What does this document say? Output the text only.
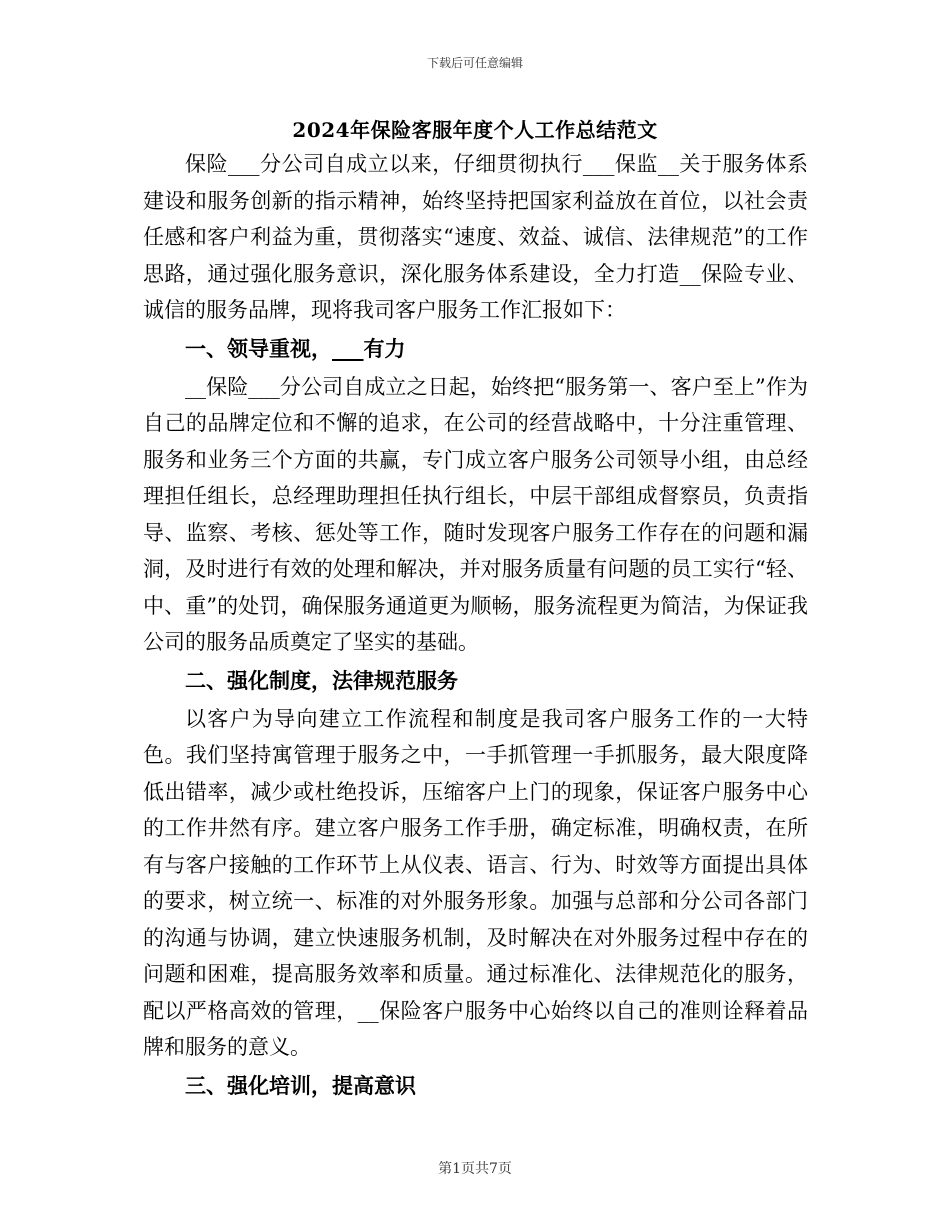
下载后可任意编辑
2024年保险客服年度个人工作总结范文

保险___分公司自成立以来，仔细贯彻执行___保监__关于服务体系建设和服务创新的指示精神，始终坚持把国家利益放在首位，以社会责任感和客户利益为重，贯彻落实“速度、效益、诚信、法律规范”的工作思路，通过强化服务意识，深化服务体系建设，全力打造__保险专业、诚信的服务品牌，现将我司客户服务工作汇报如下：

一、领导重视，___有力

__保险___分公司自成立之日起，始终把“服务第一、客户至上”作为自己的品牌定位和不懈的追求，在公司的经营战略中，十分注重管理、服务和业务三个方面的共赢，专门成立客户服务公司领导小组，由总经理担任组长，总经理助理担任执行组长，中层干部组成督察员，负责指导、监察、考核、惩处等工作，随时发现客户服务工作存在的问题和漏洞，及时进行有效的处理和解决，并对服务质量有问题的员工实行“轻、中、重”的处罚，确保服务通道更为顺畅，服务流程更为简洁，为保证我公司的服务品质奠定了坚实的基础。

二、强化制度，法律规范服务

以客户为导向建立工作流程和制度是我司客户服务工作的一大特色。我们坚持寓管理于服务之中，一手抓管理一手抓服务，最大限度降低出错率，减少或杜绝投诉，压缩客户上门的现象，保证客户服务中心的工作井然有序。建立客户服务工作手册，确定标准，明确权责，在所有与客户接触的工作环节上从仪表、语言、行为、时效等方面提出具体的要求，树立统一、标准的对外服务形象。加强与总部和分公司各部门的沟通与协调，建立快速服务机制，及时解决在对外服务过程中存在的问题和困难，提高服务效率和质量。通过标准化、法律规范化的服务，配以严格高效的管理，__保险客户服务中心始终以自己的准则诠释着品牌和服务的意义。

三、强化培训，提高意识

第1页共7页
